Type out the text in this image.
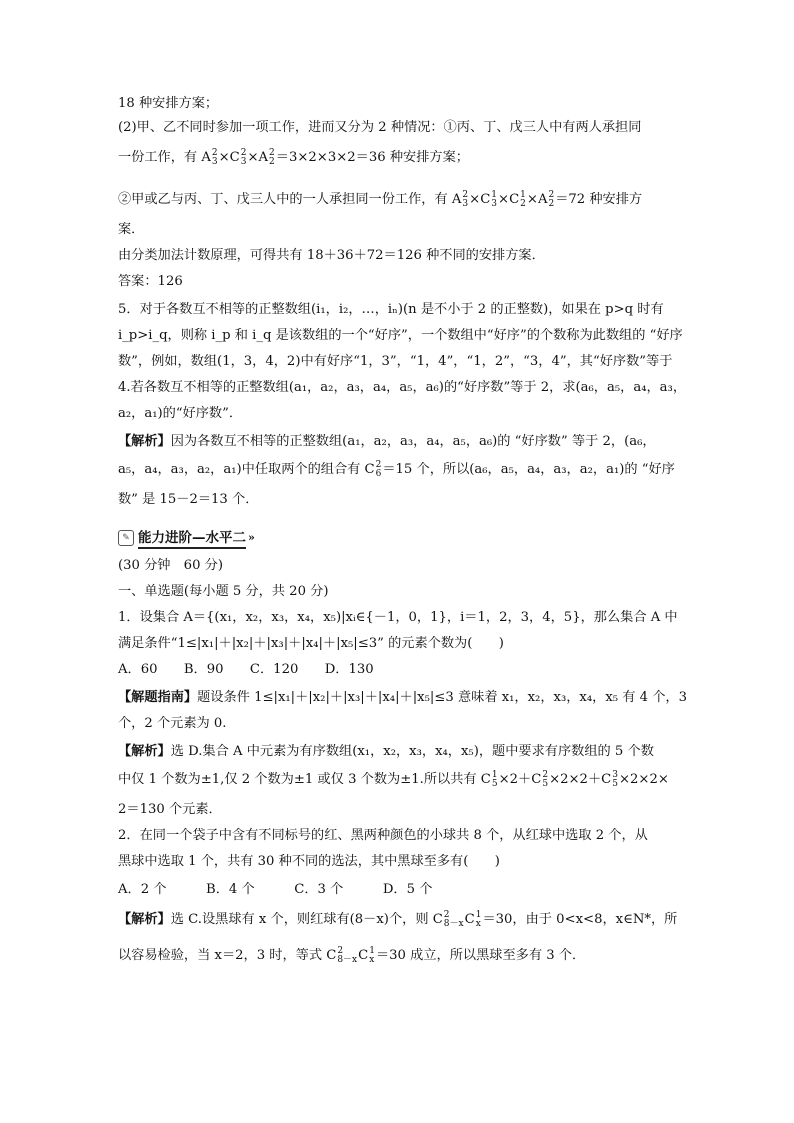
18 种安排方案；
(2)甲、乙不同时参加一项工作，进而又分为 2 种情况：①丙、丁、戊三人中有两人承担同
一份工作，有 A 2
3 ×C 2
3 ×A 2
2 ＝3×2×3×2＝36 种安排方案；
②甲或乙与丙、丁、戊三人中的一人承担同一份工作，有 A 2
3 ×C 1
3 ×C 1
2 ×A 2
2 ＝72 种安排方
案．
由分类加法计数原理，可得共有 18＋36＋72＝126 种不同的安排方案．
答案：126
5．对于各数互不相等的正整数组(i₁，i₂，…，iₙ)(n 是不小于 2 的正整数)，如果在 p>q 时有
i_p>i_q，则称 i_p 和 i_q 是该数组的一个“好序”，一个数组中“好序”的个数称为此数组的 “好序
数”，例如，数组(1，3，4，2)中有好序“1，3”，“1，4”，“1，2”，“3，4”，其“好序数”等于
4.若各数互不相等的正整数组(a₁，a₂，a₃，a₄，a₅，a₆)的“好序数”等于 2，求(a₆，a₅，a₄，a₃，
a₂，a₁)的“好序数”．
【解析】因为各数互不相等的正整数组(a₁，a₂，a₃，a₄，a₅，a₆)的 “好序数” 等于 2，(a₆，
a₅，a₄，a₃，a₂，a₁)中任取两个的组合有 C 2
6 ＝15 个，所以(a₆，a₅，a₄，a₃，a₂，a₁)的 “好序
数” 是 15－2＝13 个．
✎ 能力进阶—水平二 »
(30 分钟　60 分)
一、单选题(每小题 5 分，共 20 分)
1．设集合 A＝{(x₁，x₂，x₃，x₄，x₅)|xᵢ∈{－1，0，1}，i＝1，2，3，4，5}，那么集合 A 中
满足条件“1≤|x₁|＋|x₂|＋|x₃|＋|x₄|＋|x₅|≤3” 的元素个数为(　　)
A．60　　B．90　　C．120　　D．130
【解题指南】题设条件 1≤|x₁|＋|x₂|＋|x₃|＋|x₄|＋|x₅|≤3 意味着 x₁，x₂，x₃，x₄，x₅ 有 4 个，3
个，2 个元素为 0.
【解析】选 D.集合 A 中元素为有序数组(x₁，x₂，x₃，x₄，x₅)，题中要求有序数组的 5 个数
中仅 1 个数为±1,仅 2 个数为±1 或仅 3 个数为±1.所以共有 C 1
5 ×2＋C 2
5 ×2×2＋C 3
5 ×2×2×
2＝130 个元素．
2．在同一个袋子中含有不同标号的红、黑两种颜色的小球共 8 个，从红球中选取 2 个，从
黑球中选取 1 个，共有 30 种不同的选法，其中黑球至多有(　　)
A．2 个　　　B．4 个　　　C．3 个　　　D．5 个
【解析】选 C.设黑球有 x 个，则红球有(8－x)个，则 C 2
8－x C 1
x ＝30，由于 0<x<8，x∈N*，所
以容易检验，当 x＝2，3 时，等式 C 2
8－x C 1
x ＝30 成立，所以黑球至多有 3 个．
